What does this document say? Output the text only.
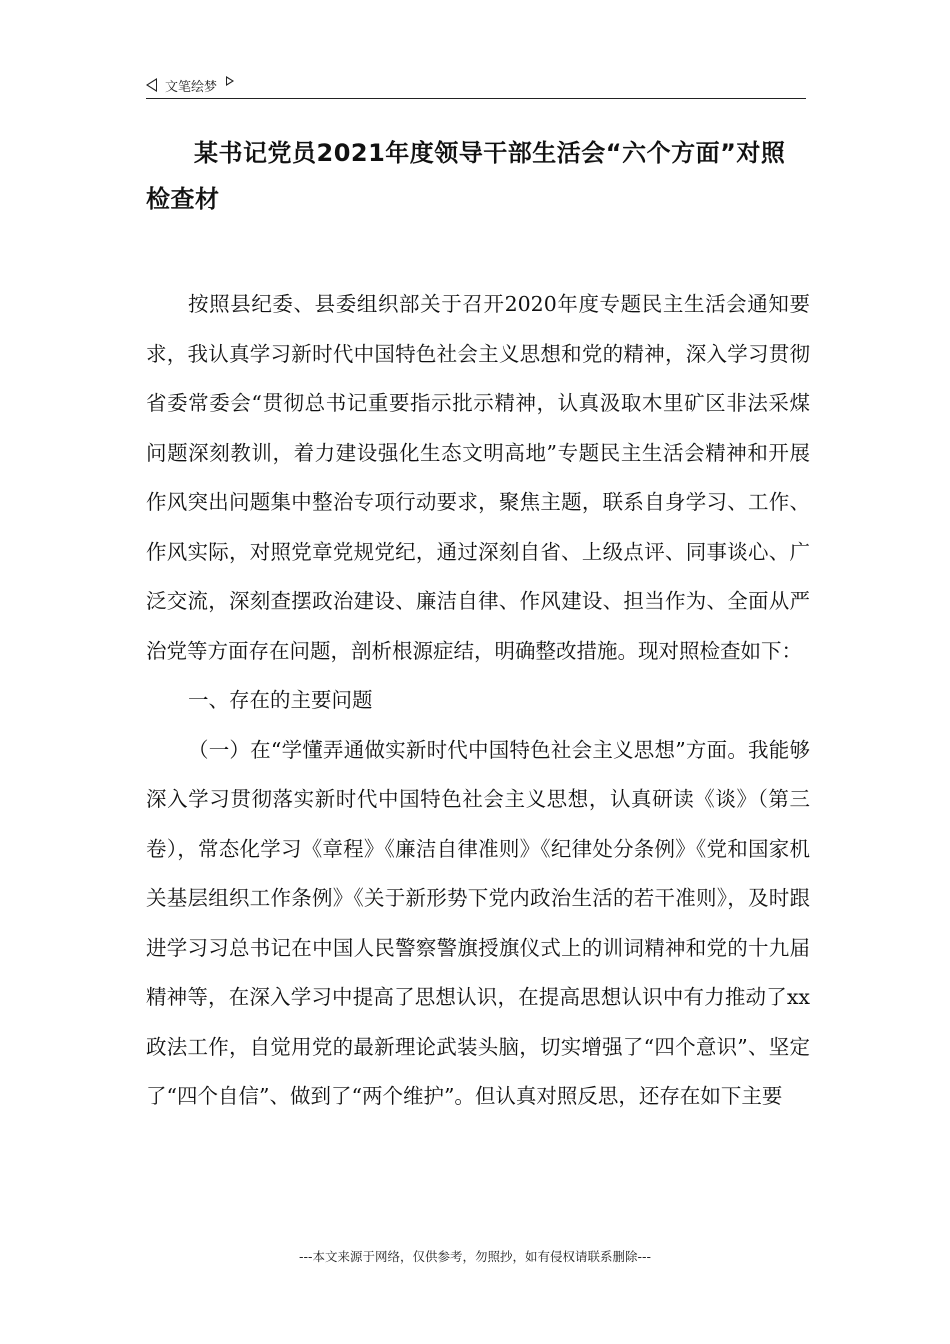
文笔绘梦
某书记党员2021年度领导干部生活会“六个方面”对照检查材

按照县纪委、县委组织部关于召开2020年度专题民主生活会通知要求，我认真学习新时代中国特色社会主义思想和党的精神，深入学习贯彻省委常委会“贯彻总书记重要指示批示精神，认真汲取木里矿区非法采煤问题深刻教训，着力建设强化生态文明高地”专题民主生活会精神和开展作风突出问题集中整治专项行动要求，聚焦主题，联系自身学习、工作、作风实际，对照党章党规党纪，通过深刻自省、上级点评、同事谈心、广泛交流，深刻查摆政治建设、廉洁自律、作风建设、担当作为、全面从严治党等方面存在问题，剖析根源症结，明确整改措施。现对照检查如下：

一、存在的主要问题

（一）在“学懂弄通做实新时代中国特色社会主义思想”方面。我能够深入学习贯彻落实新时代中国特色社会主义思想，认真研读《谈》（第三卷），常态化学习《章程》《廉洁自律准则》《纪律处分条例》《党和国家机关基层组织工作条例》《关于新形势下党内政治生活的若干准则》，及时跟进学习习总书记在中国人民警察警旗授旗仪式上的训词精神和党的十九届精神等，在深入学习中提高了思想认识，在提高思想认识中有力推动了xx政法工作，自觉用党的最新理论武装头脑，切实增强了“四个意识”、坚定了“四个自信”、做到了“两个维护”。但认真对照反思，还存在如下主要

---本文来源于网络，仅供参考，勿照抄，如有侵权请联系删除---
